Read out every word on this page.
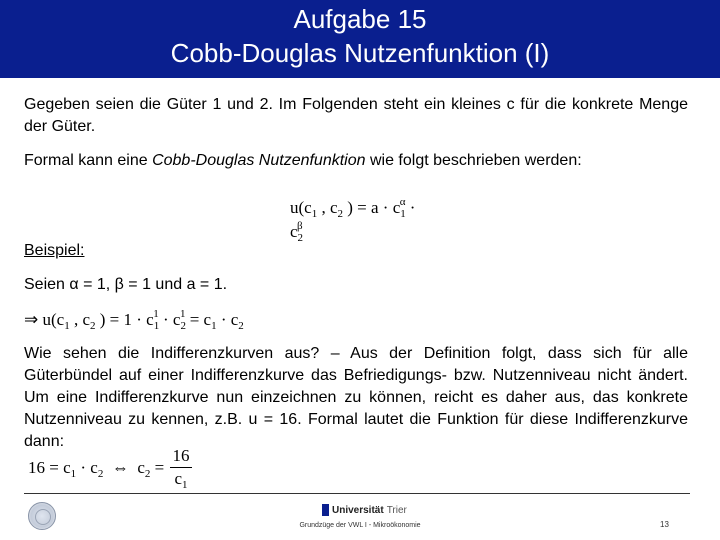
Aufgabe 15
Cobb-Douglas Nutzenfunktion (I)
Gegeben seien die Güter 1 und 2. Im Folgenden steht ein kleines c für die konkrete Menge der Güter.
Formal kann eine Cobb-Douglas Nutzenfunktion wie folgt beschrieben werden:
$u(c_1$ , $c_2$ ) = $a \cdot c_1^\alpha \cdot c_2^\beta$
Beispiel:
Seien α = 1, β = 1 und a = 1.
⇒ $u(c_1$ , $c_2$ ) = $1 \cdot c_1^1 \cdot c_2^1 = c_1 \cdot c_2$
Wie sehen die Indifferenzkurven aus? – Aus der Definition folgt, dass sich für alle Güterbündel auf einer Indifferenzkurve das Befriedigungs- bzw. Nutzenniveau nicht ändert. Um eine Indifferenzkurve nun einzeichnen zu können, reicht es daher aus, das konkrete Nutzenniveau zu kennen, z.B. u = 16. Formal lautet die Funktion für diese Indifferenzkurve dann:
$16 = c_1 \cdot c_2$  ⇔  $c_2$ =
16
$c_1$
Universität Trier
Grundzüge der VWL I - Mikroökonomie	13
